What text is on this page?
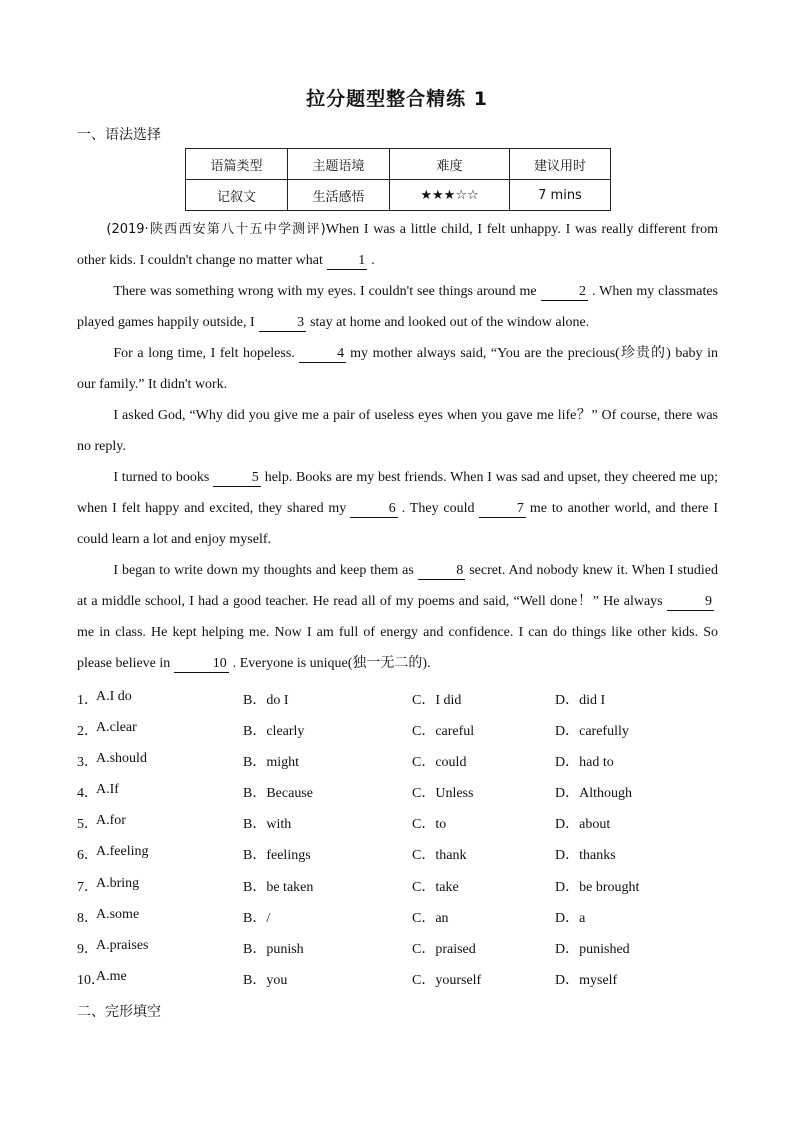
拉分题型整合精练 1
一、语法选择
语篇类型	主题语境	难度	建议用时
记叙文	生活感悟	★★★☆☆	7 mins

(2019·陕西西安第八十五中学测评)When I was a little child, I felt unhappy. I was really different from other kids. I couldn't change no matter what	1 .

There was something wrong with my eyes. I couldn't see things around me	2 . When my classmates played games happily outside, I	3 stay at home and looked out of the window alone.

For a long time, I felt hopeless.	4 my mother always said, “You are the precious(珍贵的) baby in our family.” It didn't work.

I asked God, “Why did you give me a pair of useless eyes when you gave me life？” Of course, there was no reply.

I turned to books	5 help. Books are my best friends. When I was sad and upset, they cheered me up; when I felt happy and excited, they shared my	6 . They could	7 me to another world, and there I could learn a lot and enjoy myself.

I began to write down my thoughts and keep them as	8 secret. And nobody knew it. When I studied at a middle school, I had a good teacher. He read all of my poems and said, “Well done！” He always	9me in class. He kept helping me. Now I am full of energy and confidence. I can do things like other kids. So please believe in	10 . Everyone is unique(独一无二的).

1．
A.I do	B．do I	C．I did	D．did I
2．
A.clear	B．clearly	C．careful	D．carefully
3．
A.should	B．might	C．could	D．had to
4．
A.If	B．Because	C．Unless	D．Although
5．
A.for	B．with	C．to	D．about
6．
A.feeling	B．feelings	C．thank	D．thanks
7．
A.bring	B．be taken	C．take	D．be brought
8．
A.some	B．/	C．an	D．a
9．
A.praises	B．punish	C．praised	D．punished
10．
A.me	B．you	C．yourself	D．myself
二、完形填空
